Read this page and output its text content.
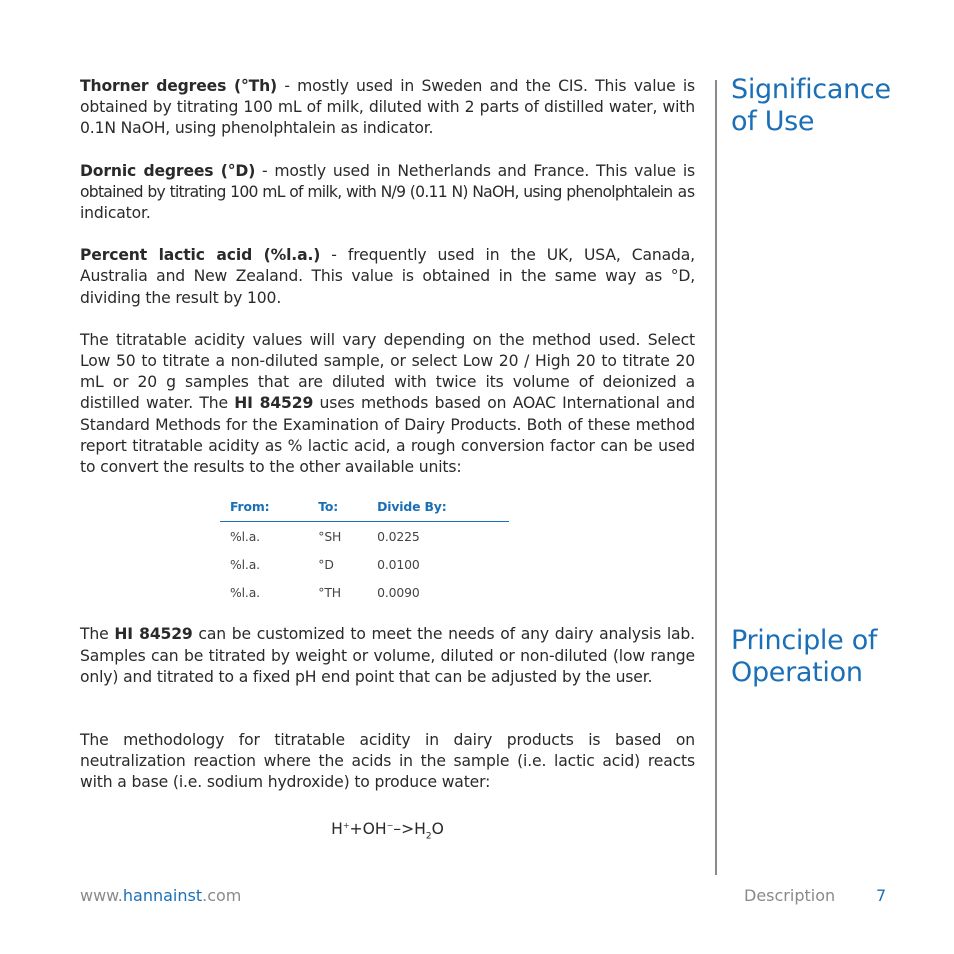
Thorner degrees (°Th) - mostly used in Sweden and the CIS. This value is obtained by titrating 100 mL of milk, diluted with 2 parts of distilled water, with 0.1N NaOH, using phenolphtalein as indicator.

Dornic degrees (°D) - mostly used in Netherlands and France. This value is obtained by titrating 100 mL of milk, with N/9 (0.11 N) NaOH, using phenolphtalein as indicator.

Percent lactic acid (%l.a.) - frequently used in the UK, USA, Canada, Australia and New Zealand. This value is obtained in the same way as °D, dividing the result by 100.

The titratable acidity values will vary depending on the method used. Select Low 50 to titrate a non-diluted sample, or select Low 20 / High 20 to titrate 20 mL or 20 g samples that are diluted with twice its volume of deionized a distilled water. The HI 84529 uses methods based on AOAC International and Standard Methods for the Examination of Dairy Products. Both of these method report titratable acidity as % lactic acid, a rough conversion factor can be used to convert the results to the other available units:

From:	To:	Divide By:
%l.a.	°SH	0.0225
%l.a.	°D	0.0100
%l.a.	°TH	0.0090

The HI 84529 can be customized to meet the needs of any dairy analysis lab. Samples can be titrated by weight or volume, diluted or non-diluted (low range only) and titrated to a fixed pH end point that can be adjusted by the user.

The methodology for titratable acidity in dairy products is based on neutralization reaction where the acids in the sample (i.e. lactic acid) reacts with a base (i.e. sodium hydroxide) to produce water:

$H^++OH^-->H_2O$
Significance
of Use
Principle of
Operation
www.hannainst.com	Description	7
